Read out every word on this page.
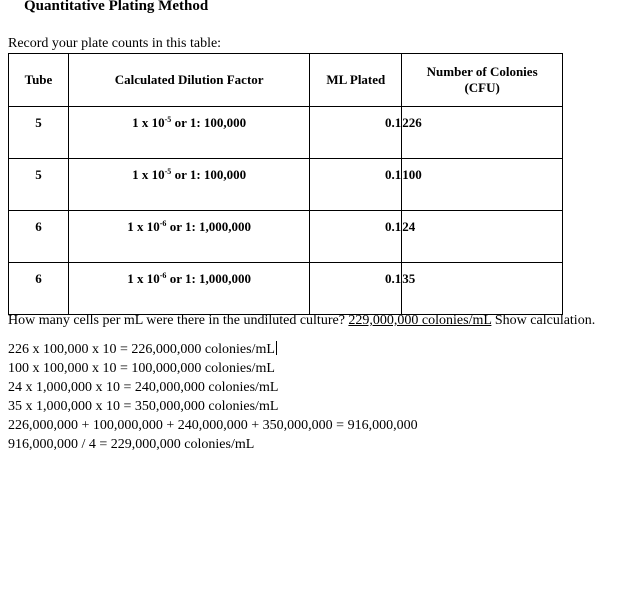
Quantitative Plating Method
Record your plate counts in this table:
Tube	Calculated Dilution Factor	ML Plated	Number of Colonies
(CFU)
5	1 x $10^{-5}$ or 1: 100,000	0.1	226
5	1 x $10^{-5}$ or 1: 100,000	0.1	100
6	1 x $10^{-6}$ or 1: 1,000,000	0.1	24
6	1 x $10^{-6}$ or 1: 1,000,000	0.1	35
How many cells per mL were there in the undiluted culture? 229,000,000 colonies/mL Show calculation.
226 x 100,000 x 10 = 226,000,000 colonies/mL
100 x 100,000 x 10 = 100,000,000 colonies/mL
24 x 1,000,000 x 10 = 240,000,000 colonies/mL
35 x 1,000,000 x 10 = 350,000,000 colonies/mL
226,000,000 + 100,000,000 + 240,000,000 + 350,000,000 = 916,000,000
916,000,000 / 4 = 229,000,000 colonies/mL
